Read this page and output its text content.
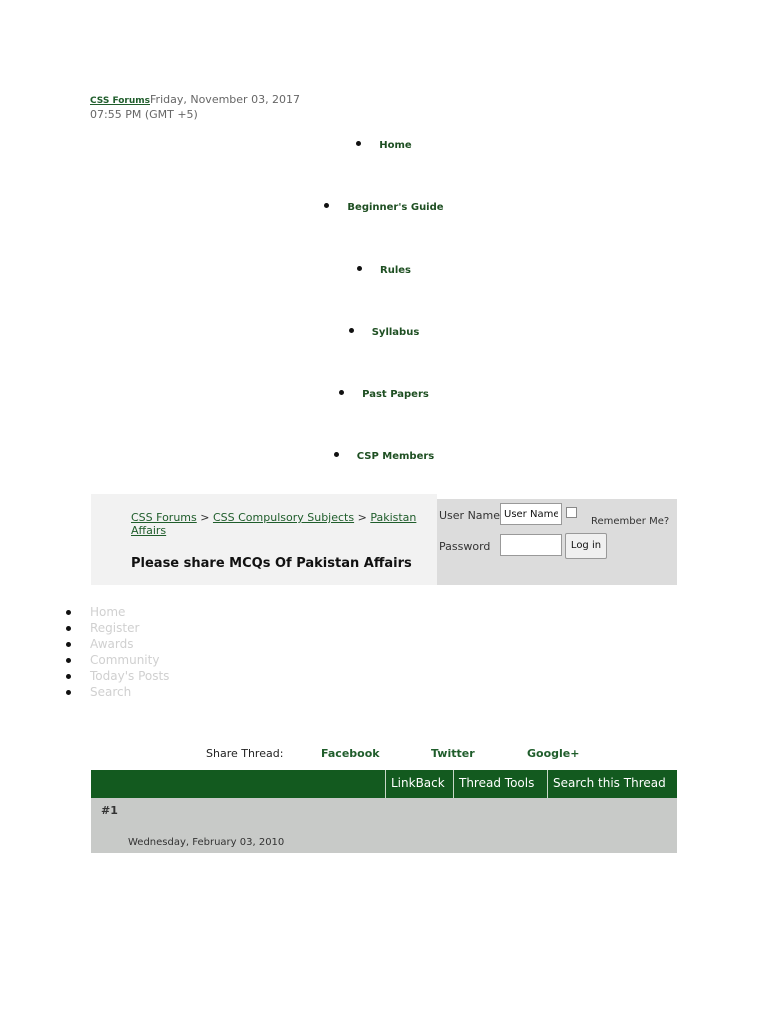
CSS ForumsFriday, November 03, 2017
07:55 PM (GMT +5)
Home
Beginner's Guide
Rules
Syllabus
Past Papers
CSP Members
CSS Forums > CSS Compulsory Subjects > Pakistan Affairs
Please share MCQs Of Pakistan Affairs
User Name
User Name	Remember Me?
Password	Log in
Home
Register
Awards
Community
Today's Posts
Search
Share Thread:	Facebook	Twitter	Google+
LinkBack	Thread Tools	Search this Thread
#1
Wednesday, February 03, 2010
